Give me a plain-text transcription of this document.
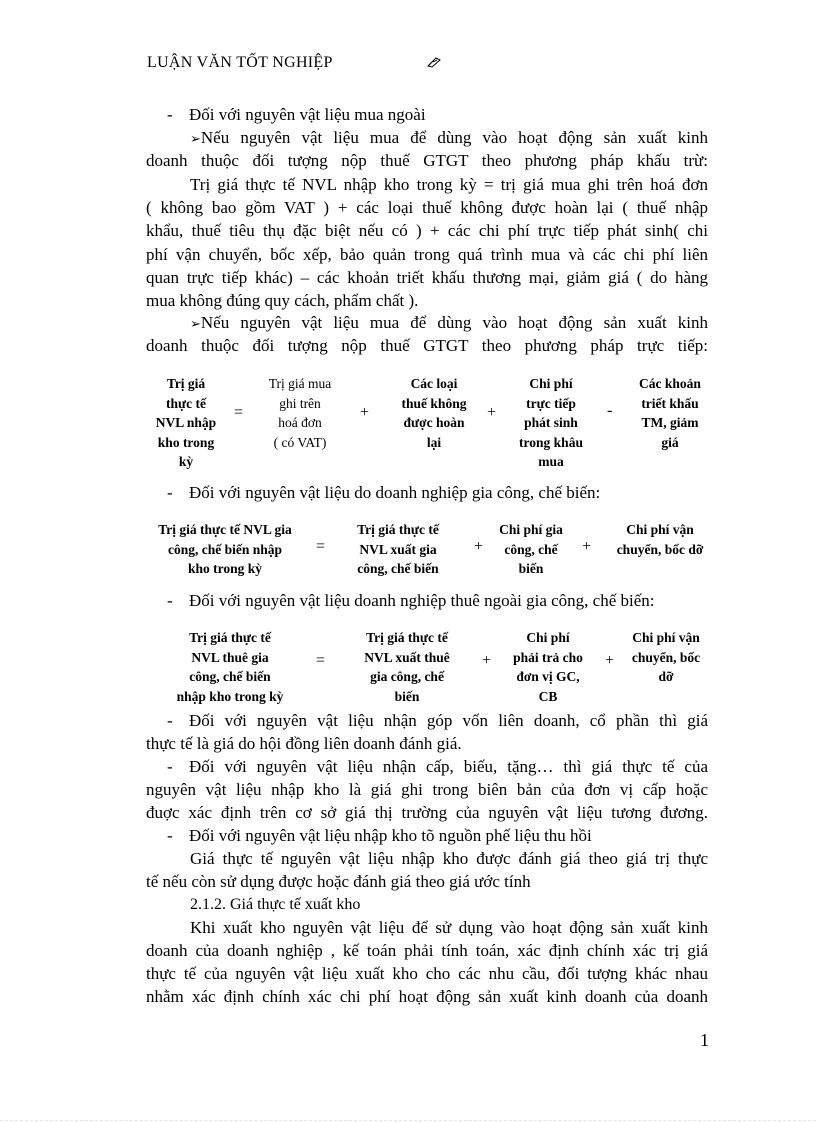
LUẬN VĂN TỐT NGHIỆP
- Đối với nguyên vật liệu mua ngoài
➢Nếu nguyên vật liệu mua để dùng vào hoạt động sản xuất kinh
doanh thuộc đối tượng nộp thuế GTGT theo phương pháp khấu trừ:
Trị giá thực tế NVL nhập kho trong kỳ = trị giá mua ghi trên hoá đơn
( không bao gồm VAT ) + các loại thuế không được hoàn lại ( thuế nhập
khẩu, thuế tiêu thụ đặc biệt nếu có ) + các chi phí trực tiếp phát sinh( chi
phí vận chuyển, bốc xếp, bảo quản trong quá trình mua và các chi phí liên
quan trực tiếp khác) – các khoản triết khấu thương mại, giảm giá ( do hàng
mua không đúng quy cách, phẩm chất ).
➢Nếu nguyên vật liệu mua để dùng vào hoạt động sản xuất kinh
doanh thuộc đối tượng nộp thuế GTGT theo phương pháp trực tiếp:
Trị giá
thực tế
NVL nhập
kho trong
kỳ
=
Trị giá mua
ghi trên
hoá đơn
( có VAT)
+
Các loại
thuế không
được hoàn
lại
+
Chi phí
trực tiếp
phát sinh
trong khâu
mua
-
Các khoản
triết khấu
TM, giảm
giá
- Đối với nguyên vật liệu do doanh nghiệp gia công, chế biến:
Trị giá thực tế NVL gia
công, chế biến nhập
kho trong kỳ
=
Trị giá thực tế
NVL xuất gia
công, chế biến
+
Chi phí gia
công, chế
biến
+
Chi phí vận
chuyển, bốc dỡ
- Đối với nguyên vật liệu doanh nghiệp thuê ngoài gia công, chế biến:
Trị giá thực tế
NVL thuê gia
công, chế biến
nhập kho trong kỳ
=
Trị giá thực tế
NVL xuất thuê
gia công, chế
biến
+
Chi phí
phải trả cho
đơn vị GC,
CB
+
Chi phí vận
chuyển, bốc
dỡ
- Đối với nguyên vật liệu nhận góp vốn liên doanh, cổ phần thì giá
thực tế là giá do hội đồng liên doanh đánh giá.
- Đối với nguyên vật liệu nhận cấp, biếu, tặng… thì giá thực tế của
nguyên vật liệu nhập kho là giá ghi trong biên bản của đơn vị cấp hoặc
đuợc xác định trên cơ sở giá thị trường của nguyên vật liệu tương đương.
- Đối với nguyên vật liệu nhập kho tõ nguồn phế liệu thu hồi
Giá thực tế nguyên vật liệu nhập kho được đánh giá theo giá trị thực
tế nếu còn sử dụng được hoặc đánh giá theo giá ước tính
2.1.2. Giá thực tế xuất kho
Khi xuất kho nguyên vật liệu để sử dụng vào hoạt động sản xuất kinh
doanh của doanh nghiệp , kế toán phải tính toán, xác định chính xác trị giá
thực tế của nguyên vật liệu xuất kho cho các nhu cầu, đối tượng khác nhau
nhằm xác định chính xác chi phí hoạt động sản xuất kinh doanh của doanh
1
